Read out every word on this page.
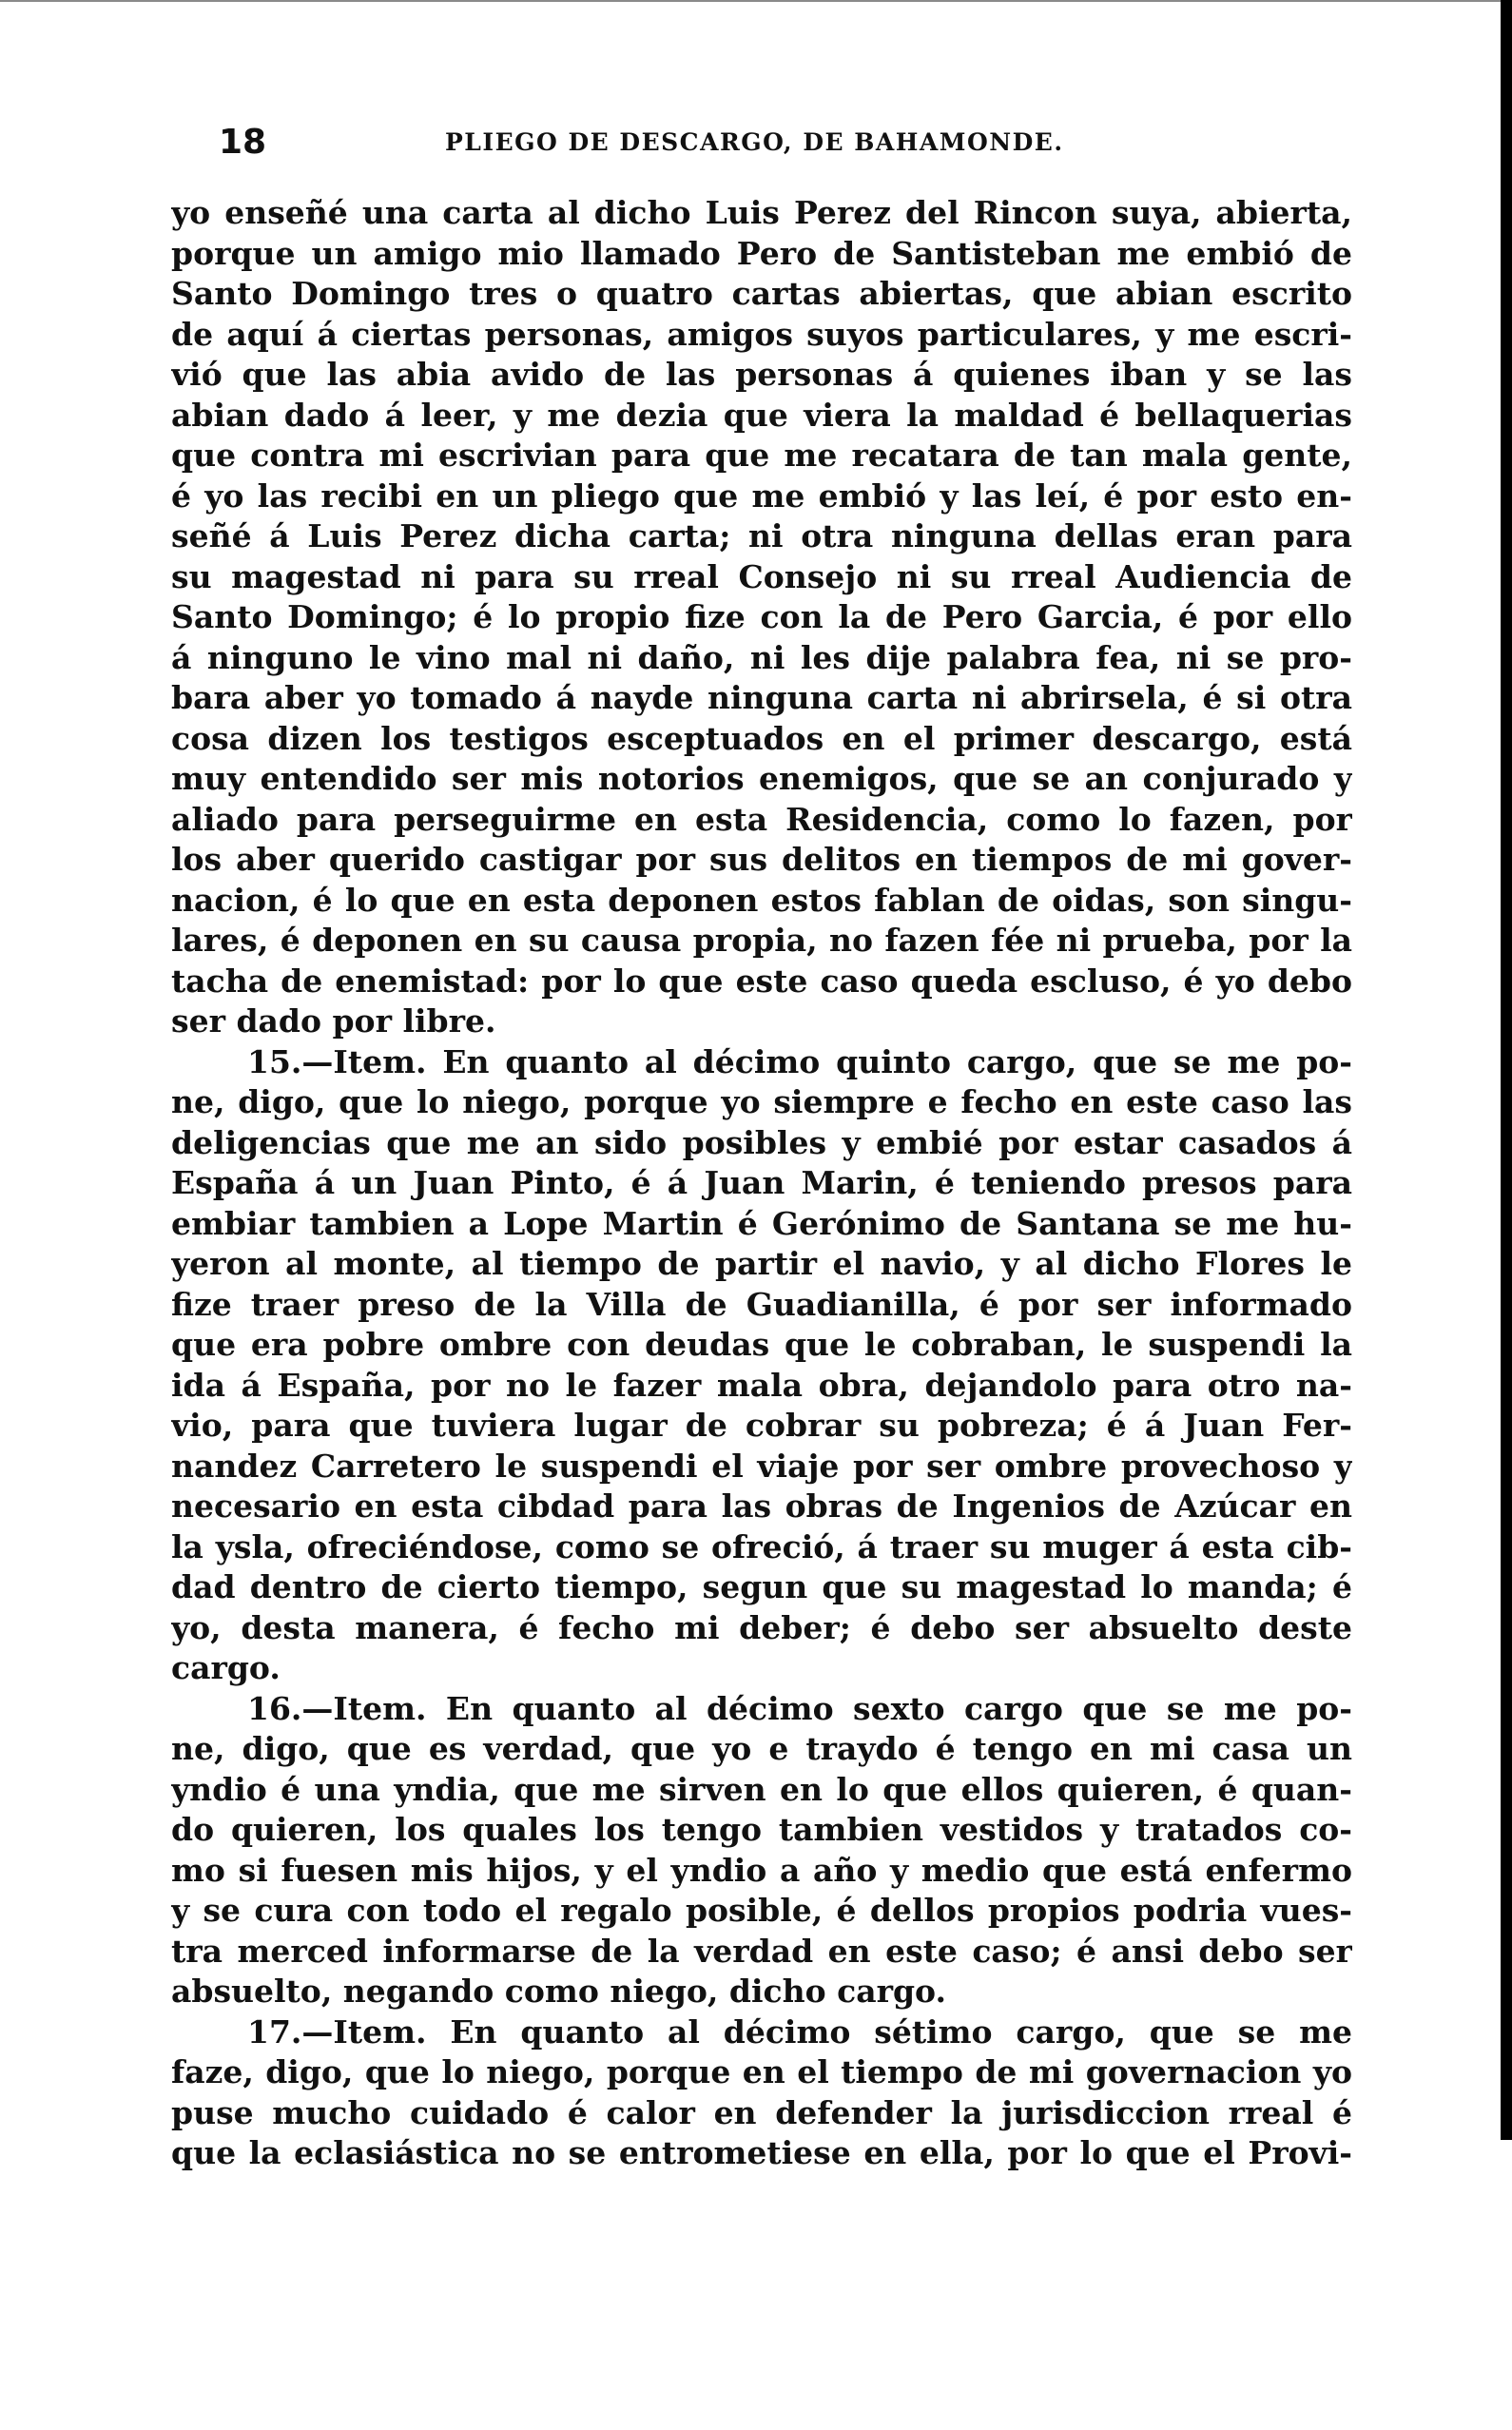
18	PLIEGO DE DESCARGO, DE BAHAMONDE.
yo enseñé una carta al dicho Luis Perez del Rincon suya, abierta,
porque un amigo mio llamado Pero de Santisteban me embió de
Santo Domingo tres o quatro cartas abiertas, que abian escrito
de aquí á ciertas personas, amigos suyos particulares, y me escri-
vió que las abia avido de las personas á quienes iban y se las
abian dado á leer, y me dezia que viera la maldad é bellaquerias
que contra mi escrivian para que me recatara de tan mala gente,
é yo las recibi en un pliego que me embió y las leí, é por esto en-
señé á Luis Perez dicha carta; ni otra ninguna dellas eran para
su magestad ni para su rreal Consejo ni su rreal Audiencia de
Santo Domingo; é lo propio fize con la de Pero Garcia, é por ello
á ninguno le vino mal ni daño, ni les dije palabra fea, ni se pro-
bara aber yo tomado á nayde ninguna carta ni abrirsela, é si otra
cosa dizen los testigos esceptuados en el primer descargo, está
muy entendido ser mis notorios enemigos, que se an conjurado y
aliado para perseguirme en esta Residencia, como lo fazen, por
los aber querido castigar por sus delitos en tiempos de mi gover-
nacion, é lo que en esta deponen estos fablan de oidas, son singu-
lares, é deponen en su causa propia, no fazen fée ni prueba, por la
tacha de enemistad: por lo que este caso queda escluso, é yo debo
ser dado por libre.
15.—Item. En quanto al décimo quinto cargo, que se me po-
ne, digo, que lo niego, porque yo siempre e fecho en este caso las
deligencias que me an sido posibles y embié por estar casados á
España á un Juan Pinto, é á Juan Marin, é teniendo presos para
embiar tambien a Lope Martin é Gerónimo de Santana se me hu-
yeron al monte, al tiempo de partir el navio, y al dicho Flores le
fize traer preso de la Villa de Guadianilla, é por ser informado
que era pobre ombre con deudas que le cobraban, le suspendi la
ida á España, por no le fazer mala obra, dejandolo para otro na-
vio, para que tuviera lugar de cobrar su pobreza; é á Juan Fer-
nandez Carretero le suspendi el viaje por ser ombre provechoso y
necesario en esta cibdad para las obras de Ingenios de Azúcar en
la ysla, ofreciéndose, como se ofreció, á traer su muger á esta cib-
dad dentro de cierto tiempo, segun que su magestad lo manda; é
yo, desta manera, é fecho mi deber; é debo ser absuelto deste
cargo.
16.—Item. En quanto al décimo sexto cargo que se me po-
ne, digo, que es verdad, que yo e traydo é tengo en mi casa un
yndio é una yndia, que me sirven en lo que ellos quieren, é quan-
do quieren, los quales los tengo tambien vestidos y tratados co-
mo si fuesen mis hijos, y el yndio a año y medio que está enfermo
y se cura con todo el regalo posible, é dellos propios podria vues-
tra merced informarse de la verdad en este caso; é ansi debo ser
absuelto, negando como niego, dicho cargo.
17.—Item. En quanto al décimo sétimo cargo, que se me
faze, digo, que lo niego, porque en el tiempo de mi governacion yo
puse mucho cuidado é calor en defender la jurisdiccion rreal é
que la eclasiástica no se entrometiese en ella, por lo que el Provi-
